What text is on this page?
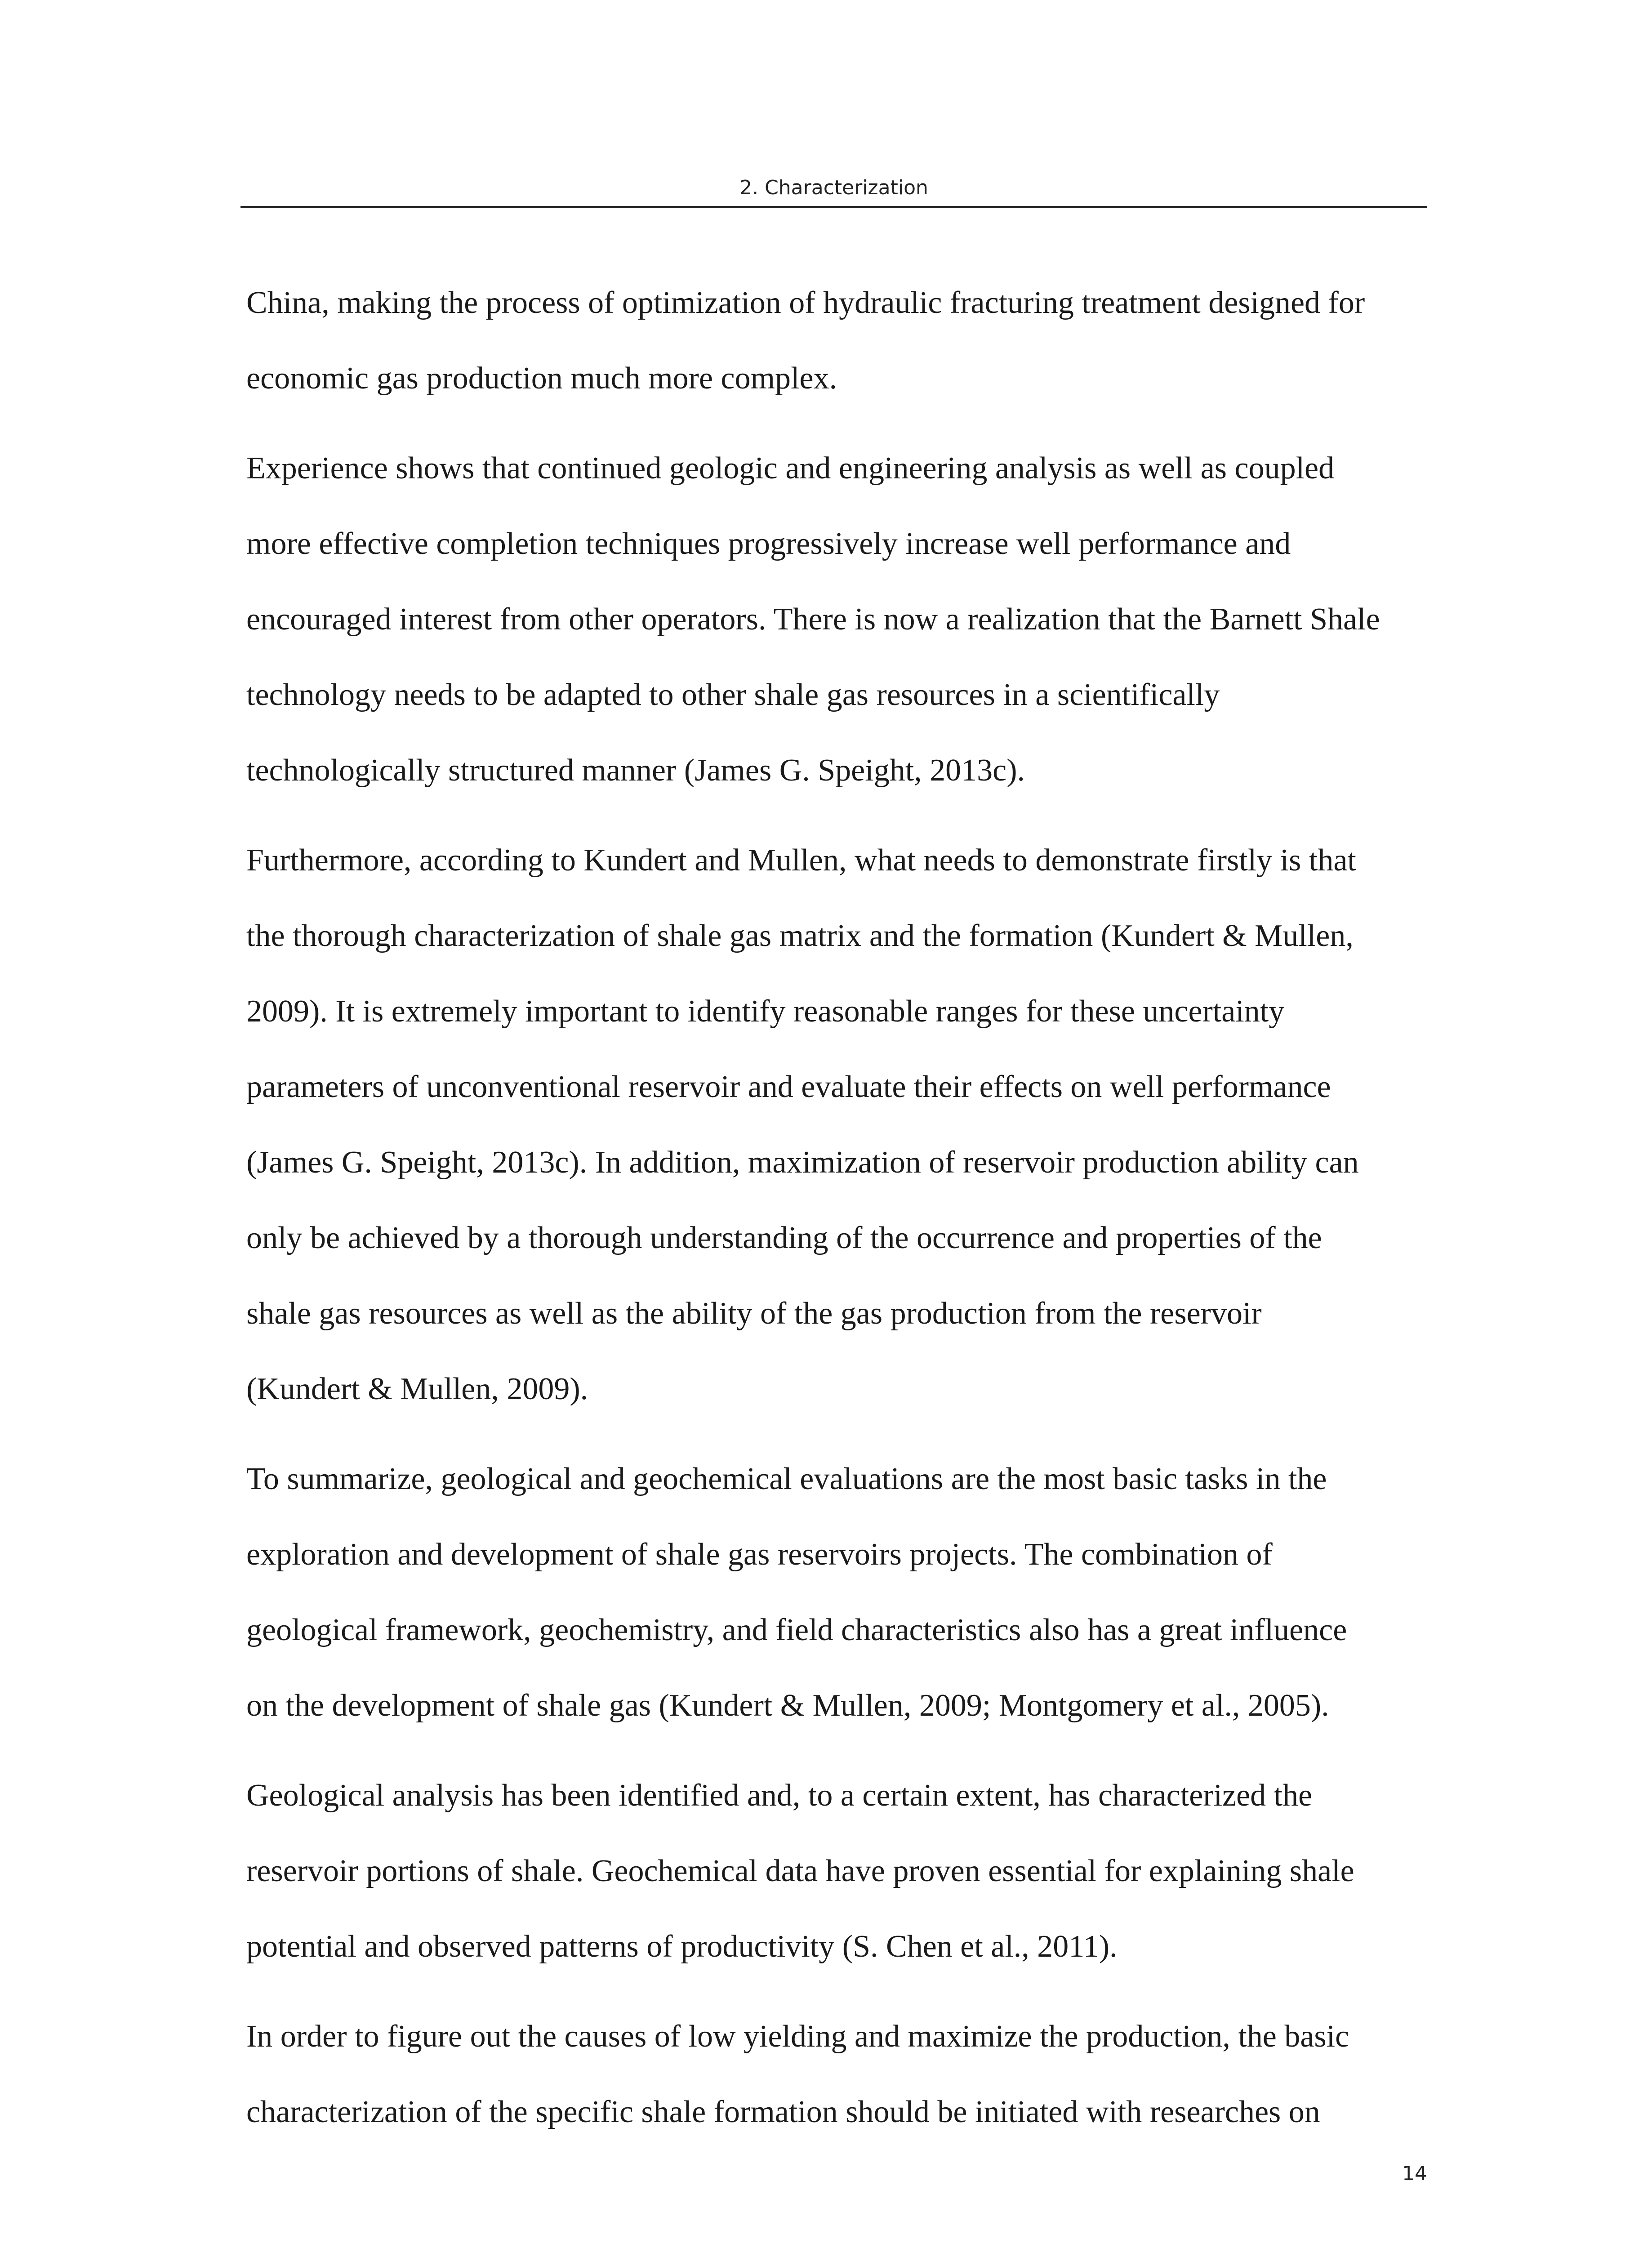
2. Characterization

China, making the process of optimization of hydraulic fracturing treatment designed for
economic gas production much more complex.

Experience shows that continued geologic and engineering analysis as well as coupled
more effective completion techniques progressively increase well performance and
encouraged interest from other operators. There is now a realization that the Barnett Shale
technology needs to be adapted to other shale gas resources in a scientifically
technologically structured manner (James G. Speight, 2013c).

Furthermore, according to Kundert and Mullen, what needs to demonstrate firstly is that
the thorough characterization of shale gas matrix and the formation (Kundert & Mullen,
2009). It is extremely important to identify reasonable ranges for these uncertainty
parameters of unconventional reservoir and evaluate their effects on well performance
(James G. Speight, 2013c). In addition, maximization of reservoir production ability can
only be achieved by a thorough understanding of the occurrence and properties of the
shale gas resources as well as the ability of the gas production from the reservoir
(Kundert & Mullen, 2009).

To summarize, geological and geochemical evaluations are the most basic tasks in the
exploration and development of shale gas reservoirs projects. The combination of
geological framework, geochemistry, and field characteristics also has a great influence
on the development of shale gas (Kundert & Mullen, 2009; Montgomery et al., 2005).

Geological analysis has been identified and, to a certain extent, has characterized the
reservoir portions of shale. Geochemical data have proven essential for explaining shale
potential and observed patterns of productivity (S. Chen et al., 2011).

In order to figure out the causes of low yielding and maximize the production, the basic
characterization of the specific shale formation should be initiated with researches on

14
